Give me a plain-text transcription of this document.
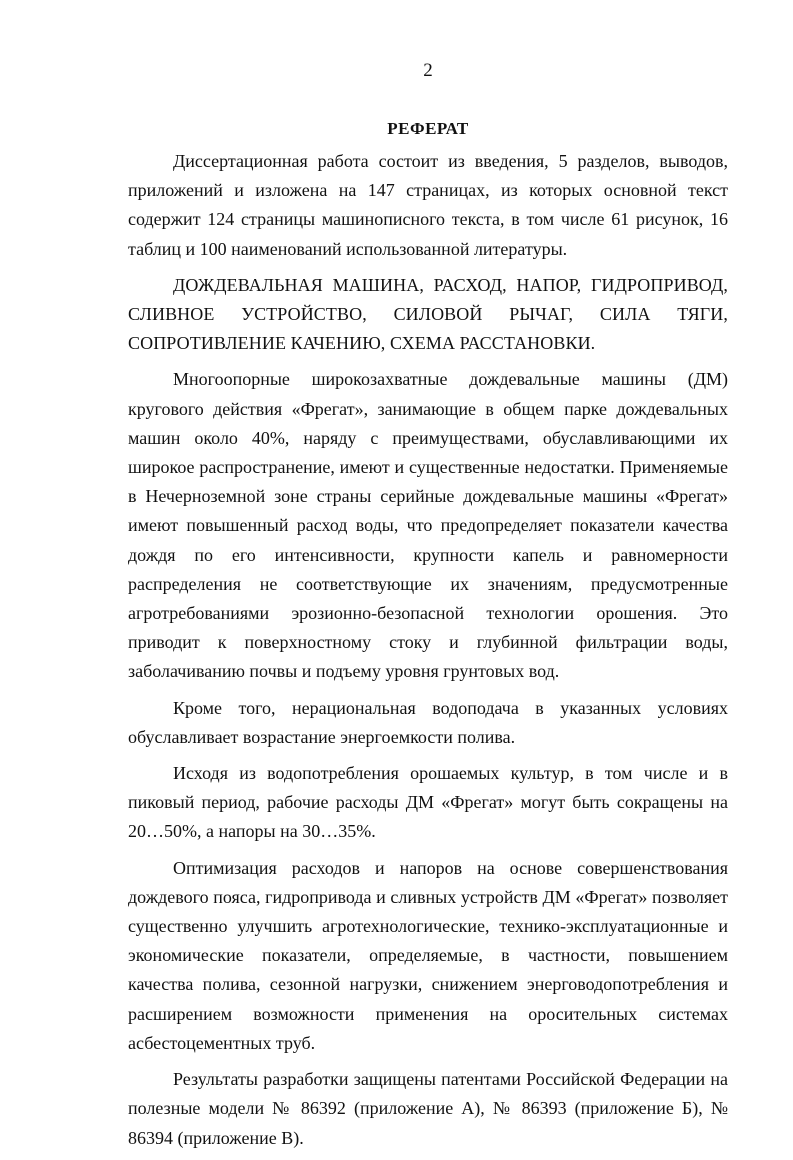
2
РЕФЕРАТ

Диссертационная работа состоит из введения, 5 разделов, выводов, приложений и изложена на 147 страницах, из которых основной текст содержит 124 страницы машинописного текста, в том числе 61 рисунок, 16 таблиц и 100 наименований использованной литературы.

ДОЖДЕВАЛЬНАЯ МАШИНА, РАСХОД, НАПОР, ГИДРОПРИВОД, СЛИВНОЕ УСТРОЙСТВО, СИЛОВОЙ РЫЧАГ, СИЛА ТЯГИ, СОПРОТИВЛЕНИЕ КАЧЕНИЮ, СХЕМА РАССТАНОВКИ.

Многоопорные широкозахватные дождевальные машины (ДМ) кругового действия «Фрегат», занимающие в общем парке дождевальных машин около 40%, наряду с преимуществами, обуславливающими их широкое распространение, имеют и существенные недостатки. Применяемые в Нечерноземной зоне страны серийные дождевальные машины «Фрегат» имеют повышенный расход воды, что предопределяет показатели качества дождя по его интенсивности, крупности капель и равномерности распределения не соответствующие их значениям, предусмотренные агротребованиями эрозионно-безопасной технологии орошения. Это приводит к поверхностному стоку и глубинной фильтрации воды, заболачиванию почвы и подъему уровня грунтовых вод.

Кроме того, нерациональная водоподача в указанных условиях обуславливает возрастание энергоемкости полива.

Исходя из водопотребления орошаемых культур, в том числе и в пиковый период, рабочие расходы ДМ «Фрегат» могут быть сокращены на 20…50%, а напоры на 30…35%.

Оптимизация расходов и напоров на основе совершенствования дождевого пояса, гидропривода и сливных устройств ДМ «Фрегат» позволяет существенно улучшить агротехнологические, технико-эксплуатационные и экономические показатели, определяемые, в частности, повышением качества полива, сезонной нагрузки, снижением энерговодопотребления и расширением возможности применения на оросительных системах асбестоцементных труб.

Результаты разработки защищены патентами Российской Федерации на полезные модели № 86392 (приложение А), № 86393 (приложение Б), № 86394 (приложение В).
